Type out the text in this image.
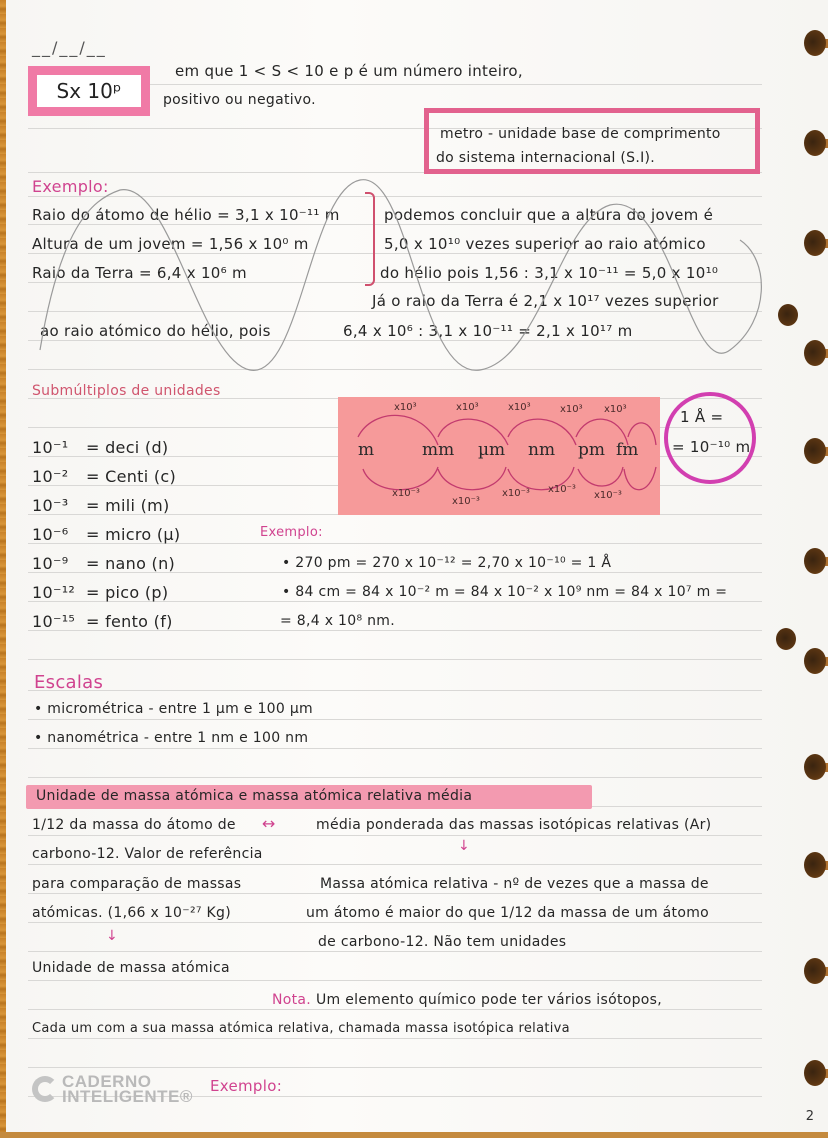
__/__/__
Sx 10ᵖ
em que 1 < S < 10 e p é um número inteiro,
positivo ou negativo.
metro - unidade base de comprimento
do sistema internacional (S.I).
Exemplo:
Raio do átomo de hélio = 3,1 x 10⁻¹¹ m
Altura de um jovem = 1,56 x 10⁰ m
Raio da Terra = 6,4 x 10⁶ m
podemos concluir que a altura do jovem é
5,0 x 10¹⁰ vezes superior ao raio atómico
do hélio pois 1,56 : 3,1 x 10⁻¹¹ = 5,0 x 10¹⁰
Já o raio da Terra é 2,1 x 10¹⁷ vezes superior
ao raio atómico do hélio, pois	6,4 x 10⁶ : 3,1 x 10⁻¹¹ = 2,1 x 10¹⁷ m
Submúltiplos de unidades
10⁻¹ = deci (d)
10⁻² = Centi (c)
10⁻³ = mili (m)
10⁻⁶ = micro (µ)
10⁻⁹ = nano (n)
10⁻¹² = pico (p)
10⁻¹⁵ = fento (f)
m	mm µm nm pm fm
x10³	x10³	x10³	x10³ x10³
x10⁻³
x10⁻³
x10⁻³ x10⁻³
x10⁻³
1 Å =
= 10⁻¹⁰ m
Exemplo:
• 270 pm = 270 x 10⁻¹² = 2,70 x 10⁻¹⁰ = 1 Å
• 84 cm = 84 x 10⁻² m = 84 x 10⁻² x 10⁹ nm = 84 x 10⁷ m =
= 8,4 x 10⁸ nm.
Escalas
• micrométrica - entre 1 µm e 100 µm
• nanométrica - entre 1 nm e 100 nm
Unidade de massa atómica e massa atómica relativa média
1/12 da massa do átomo de ↔	média ponderada das massas isotópicas relativas (Ar)
↓
carbono-12. Valor de referência
para comparação de massas
atómicas. (1,66 x 10⁻²⁷ Kg)
↓
Unidade de massa atómica
Massa atómica relativa - nº de vezes que a massa de
um átomo é maior do que 1/12 da massa de um átomo
de carbono-12. Não tem unidades
Nota. Um elemento químico pode ter vários isótopos,
Cada um com a sua massa atómica relativa, chamada massa isotópica relativa
CADERNO
INTELIGENTE®
Exemplo:
2
